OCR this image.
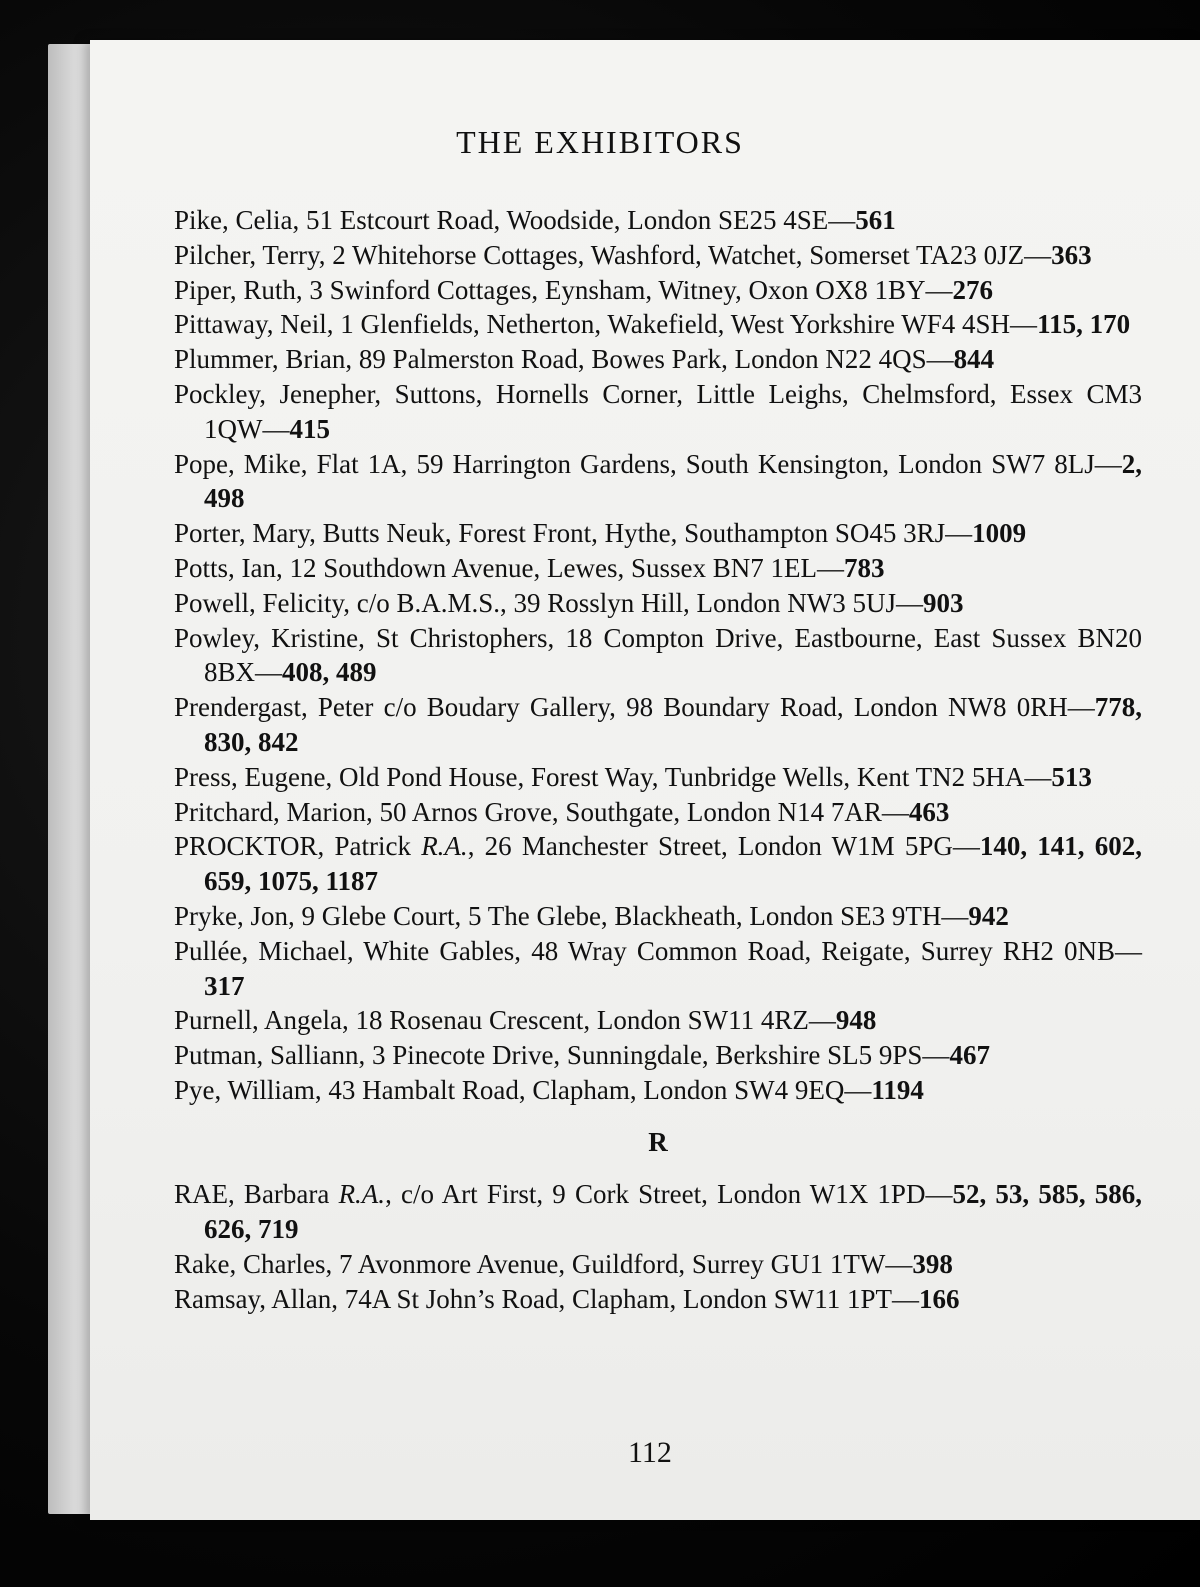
THE EXHIBITORS
Pike, Celia, 51 Estcourt Road, Woodside, London SE25 4SE—561
Pilcher, Terry, 2 Whitehorse Cottages, Washford, Watchet, Somerset TA23 0JZ—363
Piper, Ruth, 3 Swinford Cottages, Eynsham, Witney, Oxon OX8 1BY—276
Pittaway, Neil, 1 Glenfields, Netherton, Wakefield, West Yorkshire WF4 4SH—115, 170
Plummer, Brian, 89 Palmerston Road, Bowes Park, London N22 4QS—844
Pockley, Jenepher, Suttons, Hornells Corner, Little Leighs, Chelmsford, Essex CM3 1QW—415
Pope, Mike, Flat 1A, 59 Harrington Gardens, South Kensington, London SW7 8LJ—2, 498
Porter, Mary, Butts Neuk, Forest Front, Hythe, Southampton SO45 3RJ—1009
Potts, Ian, 12 Southdown Avenue, Lewes, Sussex BN7 1EL—783
Powell, Felicity, c/o B.A.M.S., 39 Rosslyn Hill, London NW3 5UJ—903
Powley, Kristine, St Christophers, 18 Compton Drive, Eastbourne, East Sussex BN20 8BX—408, 489
Prendergast, Peter c/o Boudary Gallery, 98 Boundary Road, London NW8 0RH—778, 830, 842
Press, Eugene, Old Pond House, Forest Way, Tunbridge Wells, Kent TN2 5HA—513
Pritchard, Marion, 50 Arnos Grove, Southgate, London N14 7AR—463
PROCKTOR, Patrick R.A., 26 Manchester Street, London W1M 5PG—140, 141, 602, 659, 1075, 1187
Pryke, Jon, 9 Glebe Court, 5 The Glebe, Blackheath, London SE3 9TH—942
Pullée, Michael, White Gables, 48 Wray Common Road, Reigate, Surrey RH2 0NB—317
Purnell, Angela, 18 Rosenau Crescent, London SW11 4RZ—948
Putman, Salliann, 3 Pinecote Drive, Sunningdale, Berkshire SL5 9PS—467
Pye, William, 43 Hambalt Road, Clapham, London SW4 9EQ—1194
R
RAE, Barbara R.A., c/o Art First, 9 Cork Street, London W1X 1PD—52, 53, 585, 586, 626, 719
Rake, Charles, 7 Avonmore Avenue, Guildford, Surrey GU1 1TW—398
Ramsay, Allan, 74A St John’s Road, Clapham, London SW11 1PT—166
112
